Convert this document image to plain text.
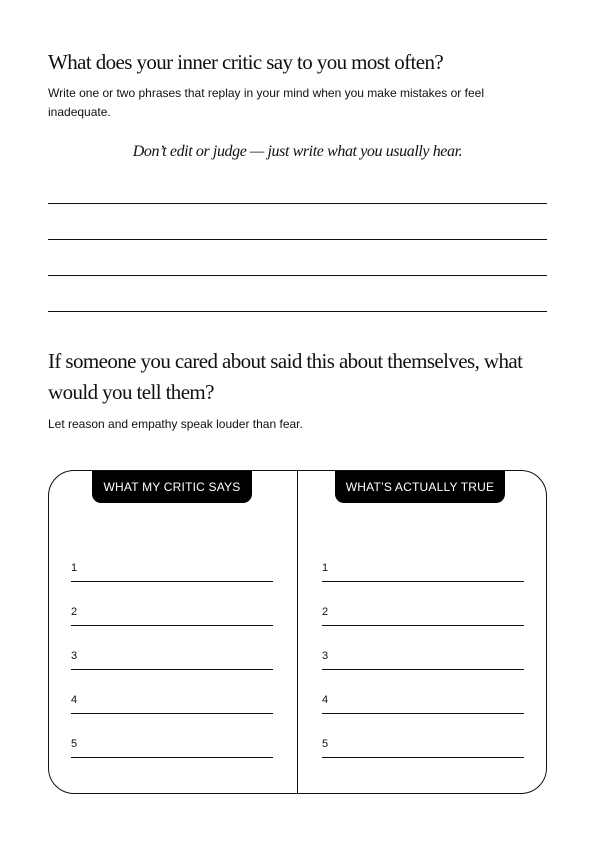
What does your inner critic say to you most often?
Write one or two phrases that replay in your mind when you make mistakes or feel inadequate.
Don’t edit or judge — just write what you usually hear.
If someone you cared about said this about themselves, what would you tell them?
Let reason and empathy speak louder than fear.
WHAT MY CRITIC SAYS	WHAT’S ACTUALLY TRUE
1
2
3
4
5
1
2
3
4
5
